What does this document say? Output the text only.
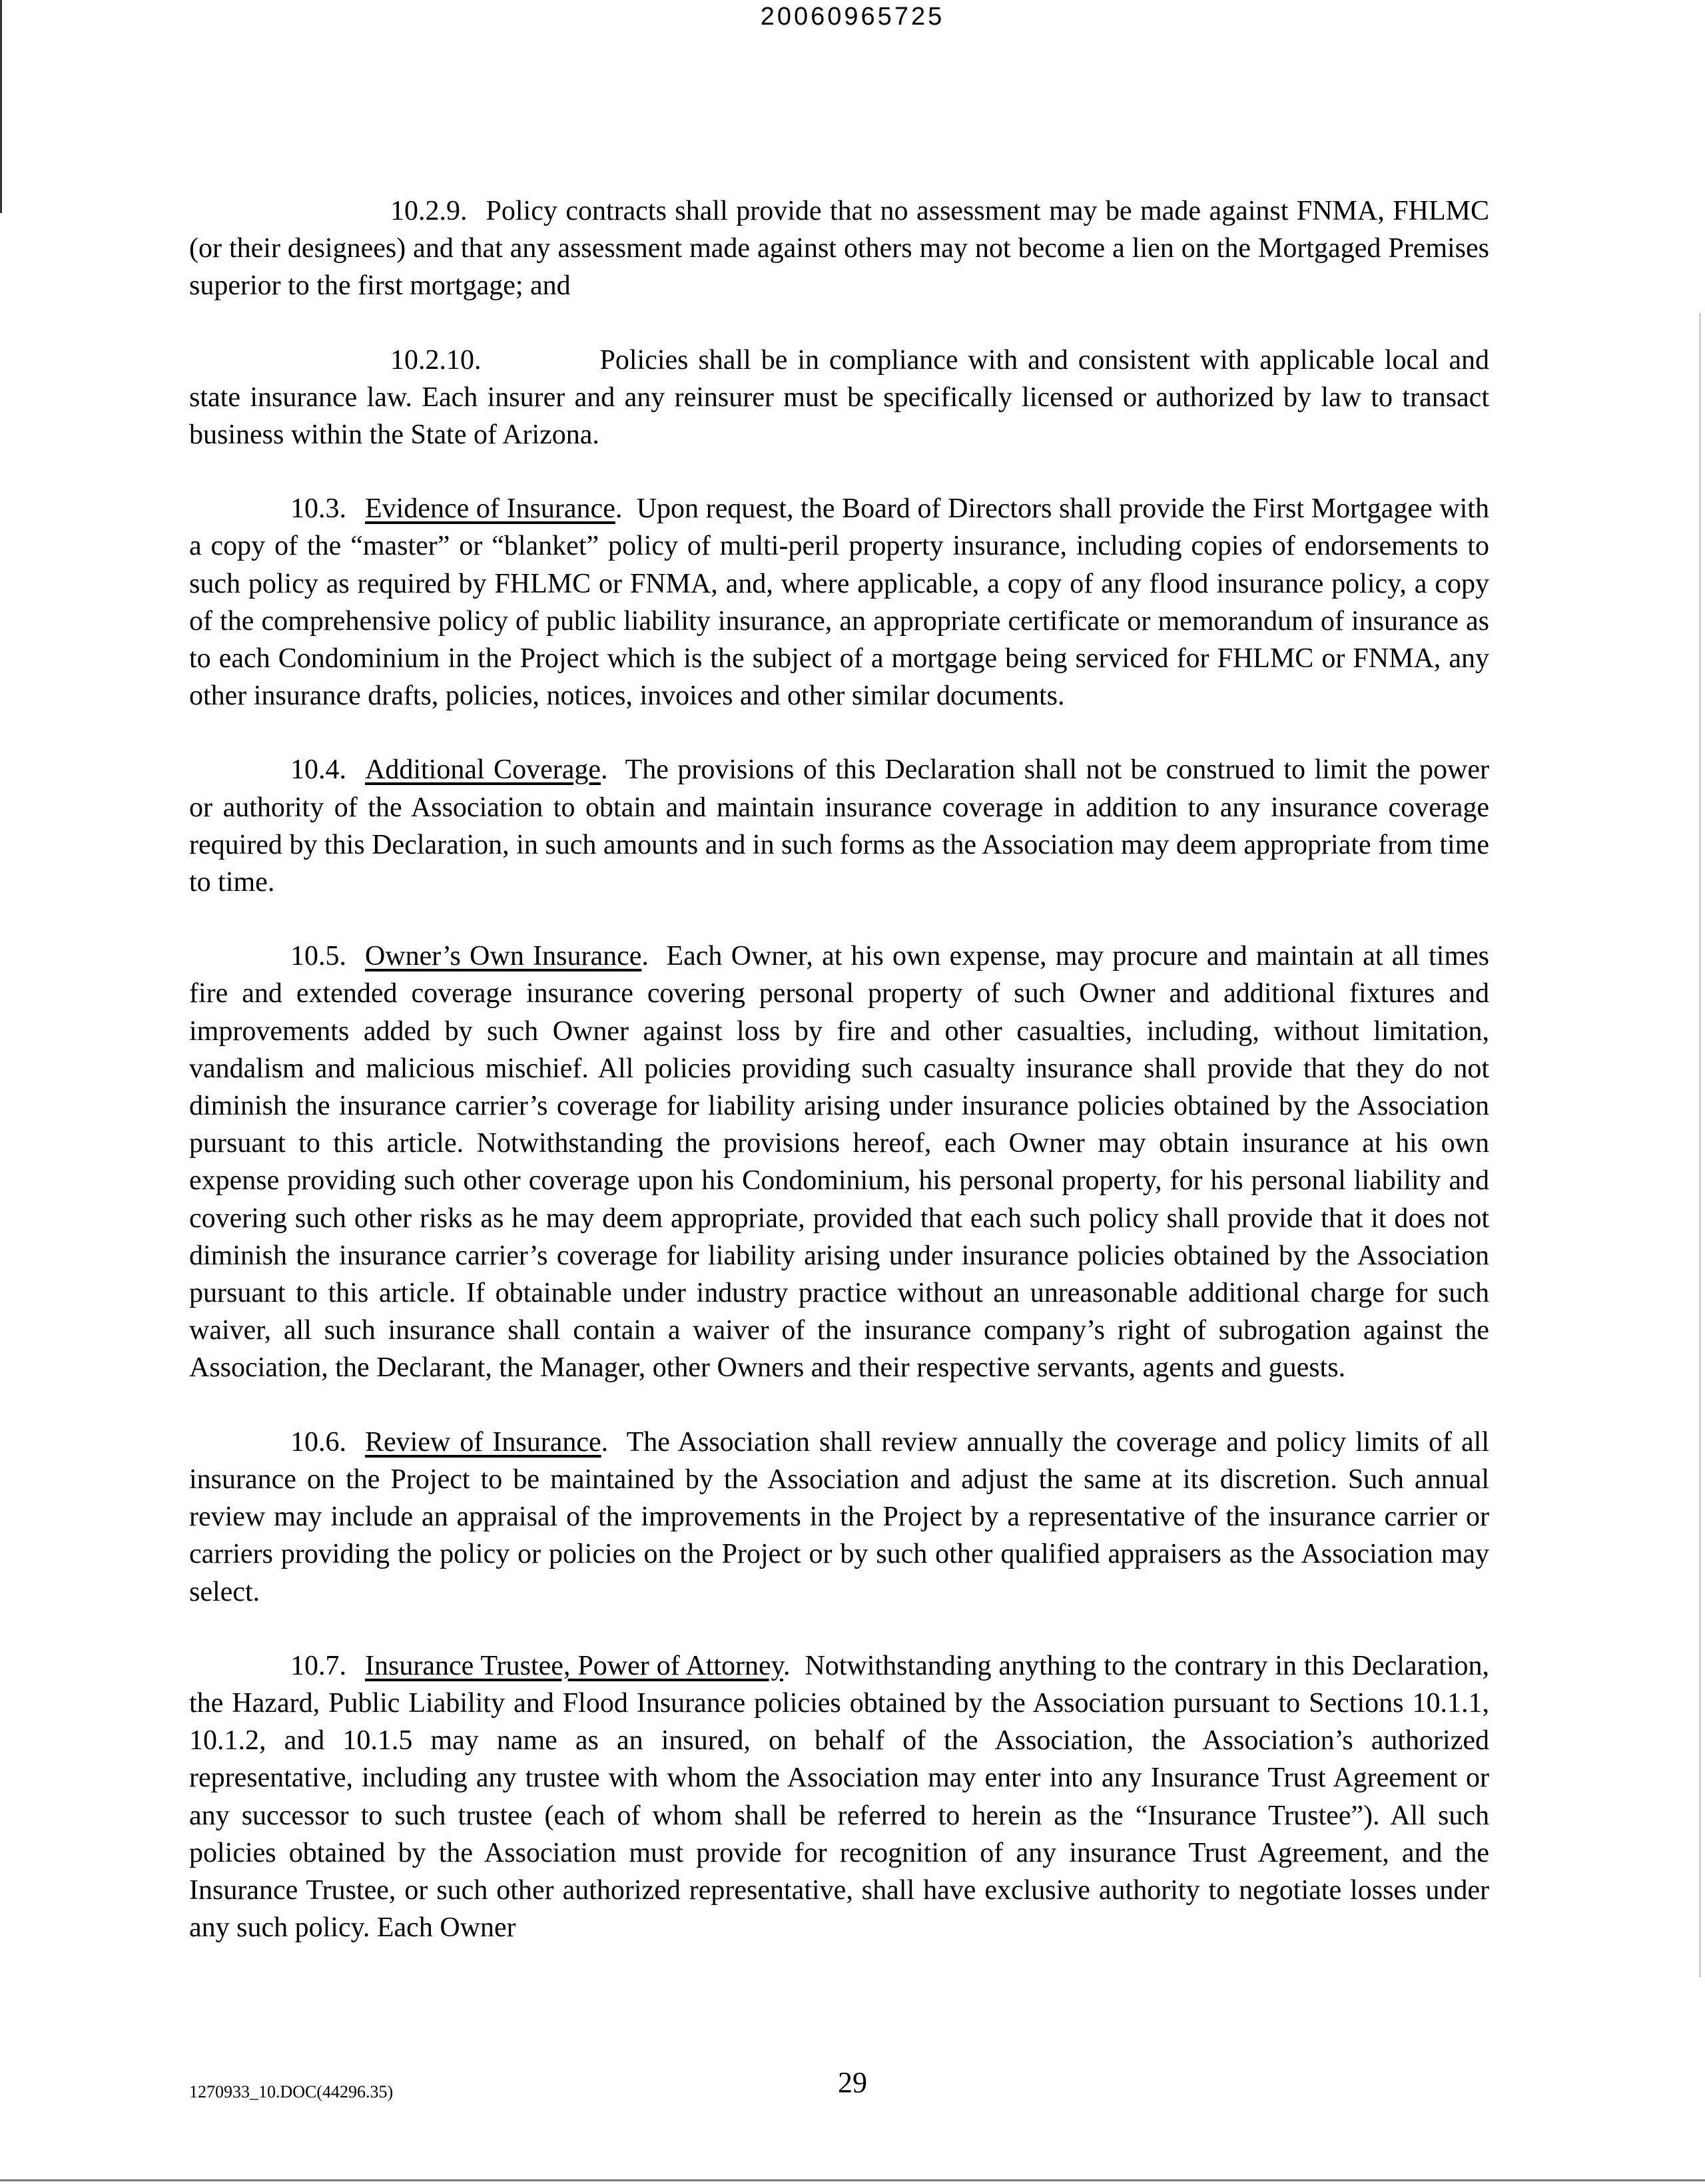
20060965725

10.2.9. Policy contracts shall provide that no assessment may be made against FNMA, FHLMC (or their designees) and that any assessment made against others may not become a lien on the Mortgaged Premises superior to the first mortgage; and

10.2.10.	Policies shall be in compliance with and consistent with applicable local and state insurance law. Each insurer and any reinsurer must be specifically licensed or authorized by law to transact business within the State of Arizona.

10.3. Evidence of Insurance.  Upon request, the Board of Directors shall provide the First Mortgagee with a copy of the “master” or “blanket” policy of multi-peril property insurance, including copies of endorsements to such policy as required by FHLMC or FNMA, and, where applicable, a copy of any flood insurance policy, a copy of the comprehensive policy of public liability insurance, an appropriate certificate or memorandum of insurance as to each Condominium in the Project which is the subject of a mortgage being serviced for FHLMC or FNMA, any other insurance drafts, policies, notices, invoices and other similar documents.

10.4. Additional Coverage.  The provisions of this Declaration shall not be construed to limit the power or authority of the Association to obtain and maintain insurance coverage in addition to any insurance coverage required by this Declaration, in such amounts and in such forms as the Association may deem appropriate from time to time.

10.5. Owner’s Own Insurance.  Each Owner, at his own expense, may procure and maintain at all times fire and extended coverage insurance covering personal property of such Owner and additional fixtures and improvements added by such Owner against loss by fire and other casualties, including, without limitation, vandalism and malicious mischief. All policies providing such casualty insurance shall provide that they do not diminish the insurance carrier’s coverage for liability arising under insurance policies obtained by the Association pursuant to this article. Notwithstanding the provisions hereof, each Owner may obtain insurance at his own expense providing such other coverage upon his Condominium, his personal property, for his personal liability and covering such other risks as he may deem appropriate, provided that each such policy shall provide that it does not diminish the insurance carrier’s coverage for liability arising under insurance policies obtained by the Association pursuant to this article. If obtainable under industry practice without an unreasonable additional charge for such waiver, all such insurance shall contain a waiver of the insurance company’s right of subrogation against the Association, the Declarant, the Manager, other Owners and their respective servants, agents and guests.

10.6. Review of Insurance.  The Association shall review annually the coverage and policy limits of all insurance on the Project to be maintained by the Association and adjust the same at its discretion. Such annual review may include an appraisal of the improvements in the Project by a representative of the insurance carrier or carriers providing the policy or policies on the Project or by such other qualified appraisers as the Association may select.

10.7. Insurance Trustee, Power of Attorney.  Notwithstanding anything to the contrary in this Declaration, the Hazard, Public Liability and Flood Insurance policies obtained by the Association pursuant to Sections 10.1.1, 10.1.2, and 10.1.5 may name as an insured, on behalf of the Association, the Association’s authorized representative, including any trustee with whom the Association may enter into any Insurance Trust Agreement or any successor to such trustee (each of whom shall be referred to herein as the “Insurance Trustee”). All such policies obtained by the Association must provide for recognition of any insurance Trust Agreement, and the Insurance Trustee, or such other authorized representative, shall have exclusive authority to negotiate losses under any such policy. Each Owner

1270933_10.DOC(44296.35)	29
